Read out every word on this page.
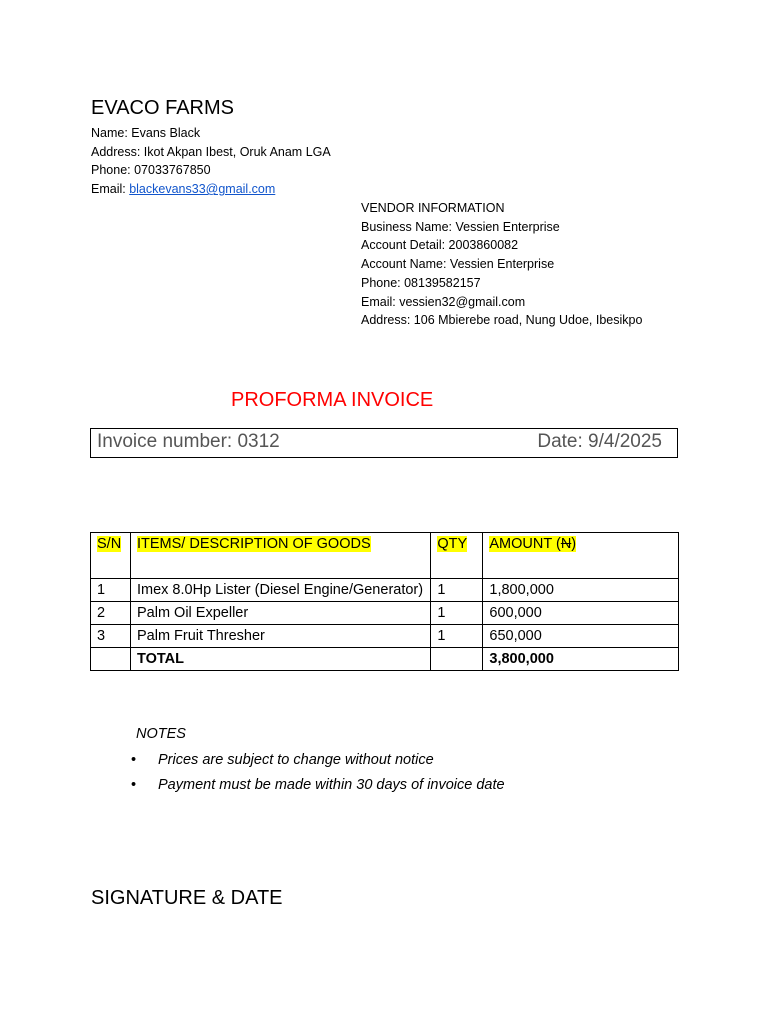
EVACO FARMS
Name: Evans Black
Address: Ikot Akpan Ibest, Oruk Anam LGA
Phone: 07033767850
Email: blackevans33@gmail.com
VENDOR INFORMATION
Business Name: Vessien Enterprise
Account Detail: 2003860082
Account Name: Vessien Enterprise
Phone: 08139582157
Email: vessien32@gmail.com
Address: 106 Mbierebe road, Nung Udoe, Ibesikpo
PROFORMA INVOICE
Invoice number: 0312	Date: 9/4/2025
S/N	ITEMS/ DESCRIPTION OF GOODS	QTY	AMOUNT (N)
1	Imex 8.0Hp Lister (Diesel Engine/Generator)	1	1,800,000
2	Palm Oil Expeller	1	600,000
3	Palm Fruit Thresher	1	650,000
	TOTAL		3,800,000
NOTES
• Prices are subject to change without notice
• Payment must be made within 30 days of invoice date
SIGNATURE & DATE
